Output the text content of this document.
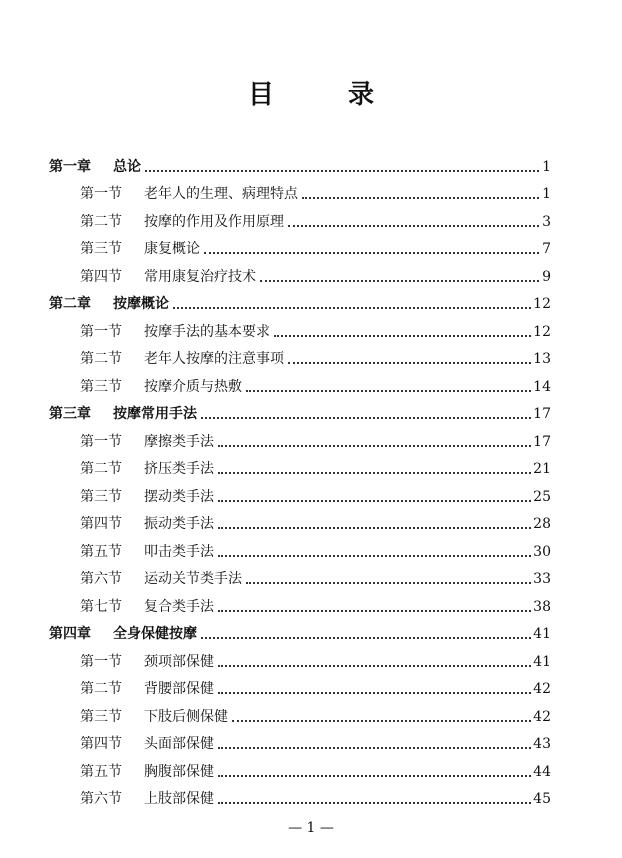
目　录
第一章	总论	1
第一节	老年人的生理、病理特点	1
第二节	按摩的作用及作用原理	3
第三节	康复概论	7
第四节	常用康复治疗技术	9
第二章	按摩概论	12
第一节	按摩手法的基本要求	12
第二节	老年人按摩的注意事项	13
第三节	按摩介质与热敷	14
第三章	按摩常用手法	17
第一节	摩擦类手法	17
第二节	挤压类手法	21
第三节	摆动类手法	25
第四节	振动类手法	28
第五节	叩击类手法	30
第六节	运动关节类手法	33
第七节	复合类手法	38
第四章	全身保健按摩	41
第一节	颈项部保健	41
第二节	背腰部保健	42
第三节	下肢后侧保健	42
第四节	头面部保健	43
第五节	胸腹部保健	44
第六节	上肢部保健	45
— 1 —
